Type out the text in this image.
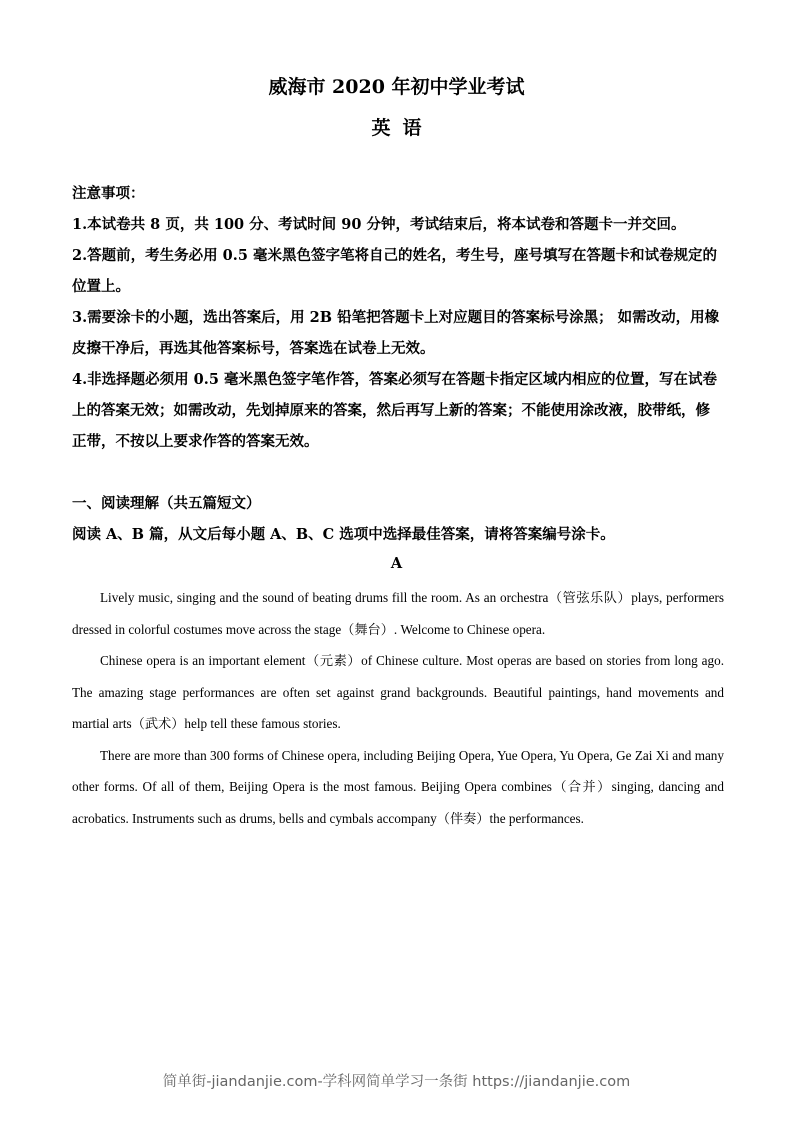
威海市 2020 年初中学业考试
英语

注意事项：

1.本试卷共 8 页，共 100 分、考试时间 90 分钟，考试结束后，将本试卷和答题卡一并交回。

2.答题前，考生务必用 0.5 毫米黑色签字笔将自己的姓名，考生号，座号填写在答题卡和试卷规定的位置上。

3.需要涂卡的小题，选出答案后，用 2B 铅笔把答题卡上对应题目的答案标号涂黑； 如需改动，用橡皮擦干净后，再选其他答案标号，答案选在试卷上无效。

4.非选择题必须用 0.5 毫米黑色签字笔作答，答案必须写在答题卡指定区域内相应的位置，写在试卷上的答案无效；如需改动，先划掉原来的答案，然后再写上新的答案；不能使用涂改液，胶带纸，修正带，不按以上要求作答的答案无效。

一、阅读理解（共五篇短文）

阅读 A、B 篇，从文后每小题 A、B、C 选项中选择最佳答案，请将答案编号涂卡。

A

Lively music, singing and the sound of beating drums fill the room. As an orchestra（管弦乐队）plays, performers dressed in colorful costumes move across the stage（舞台）. Welcome to Chinese opera.

Chinese opera is an important element（元素）of Chinese culture. Most operas are based on stories from long ago. The amazing stage performances are often set against grand backgrounds. Beautiful paintings, hand movements and martial arts（武术）help tell these famous stories.

There are more than 300 forms of Chinese opera, including Beijing Opera, Yue Opera, Yu Opera, Ge Zai Xi and many other forms. Of all of them, Beijing Opera is the most famous. Beijing Opera combines（合并）singing, dancing and acrobatics. Instruments such as drums, bells and cymbals accompany（伴奏）the performances.

简单街-jiandanjie.com-学科网简单学习一条街 https://jiandanjie.com
